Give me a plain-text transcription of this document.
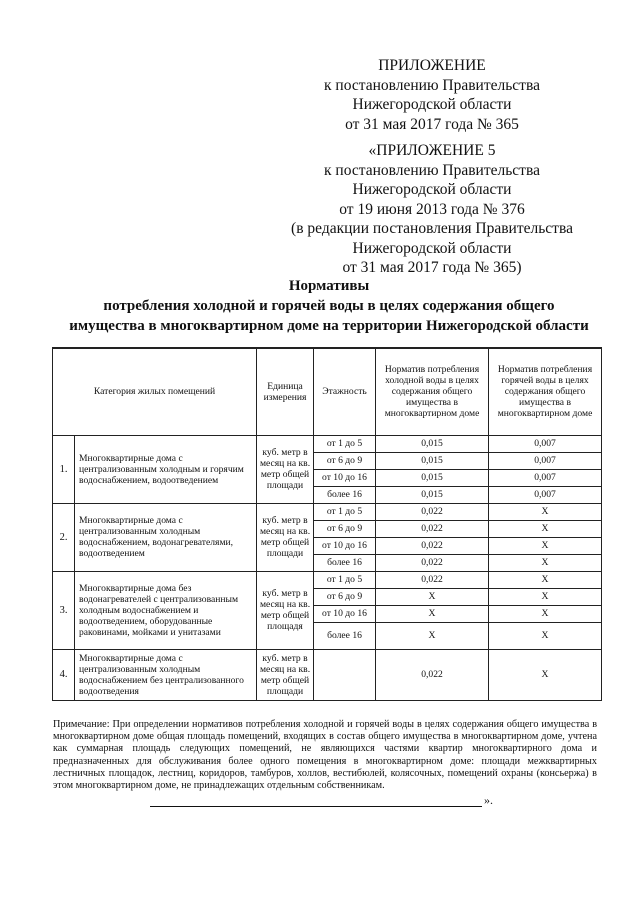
ПРИЛОЖЕНИЕ
к постановлению Правительства
Нижегородской области
от 31 мая 2017 года № 365
«ПРИЛОЖЕНИЕ 5
к постановлению Правительства
Нижегородской области
от 19 июня 2013 года № 376
(в редакции постановления Правительства
Нижегородской области
от 31 мая 2017 года № 365)
Нормативы
потребления холодной и горячей воды в целях содержания общего
имущества в многоквартирном доме на территории Нижегородской области
Категория жилых помещений		Единица измерения	Этажность	Норматив потребления холодной воды в целях содержания общего имущества в многоквартирном доме	Норматив потребления горячей воды в целях содержания общего имущества в многоквартирном доме
1.	Многоквартирные дома с централизованным холодным и горячим водоснабжением, водоотведением	куб. метр в месяц на кв. метр общей площади	от 1 до 5	0,015	0,007
			от 6 до 9	0,015	0,007
			от 10 до 16	0,015	0,007
			более 16	0,015	0,007
2.	Многоквартирные дома с централизованным холодным водоснабжением, водонагревателями, водоотведением	куб. метр в месяц на кв. метр общей площади	от 1 до 5	0,022	X
			от 6 до 9	0,022	X
			от 10 до 16	0,022	X
			более 16	0,022	X
3.	Многоквартирные дома без водонагревателей с централизованным холодным водоснабжением и водоотведением, оборудованные раковинами, мойками и унитазами	куб. метр в месяц на кв. метр общей площадя	от 1 до 5	0,022	X
			от 6 до 9	X	X
			от 10 до 16	X	X
			более 16	X	X
4.	Многоквартирные дома с централизованным холодным водоснабжением без централизованного водоотведения	куб. метр в месяц на кв. метр общей площади		0,022	X

Примечание: При определении нормативов потребления холодной и горячей воды в целях содержания общего имущества в многоквартирном доме общая площадь помещений, входящих в состав общего имущества в многоквартирном доме, учтена как суммарная площадь следующих помещений, не являющихся частями квартир многоквартирного дома и предназначенных для обслуживания более одного помещения в многоквартирном доме: площади межквартирных лестничных площадок, лестниц, коридоров, тамбуров, холлов, вестибюлей, колясочных, помещений охраны (консьержа) в этом многоквартирном доме, не принадлежащих отдельным собственникам.

».
